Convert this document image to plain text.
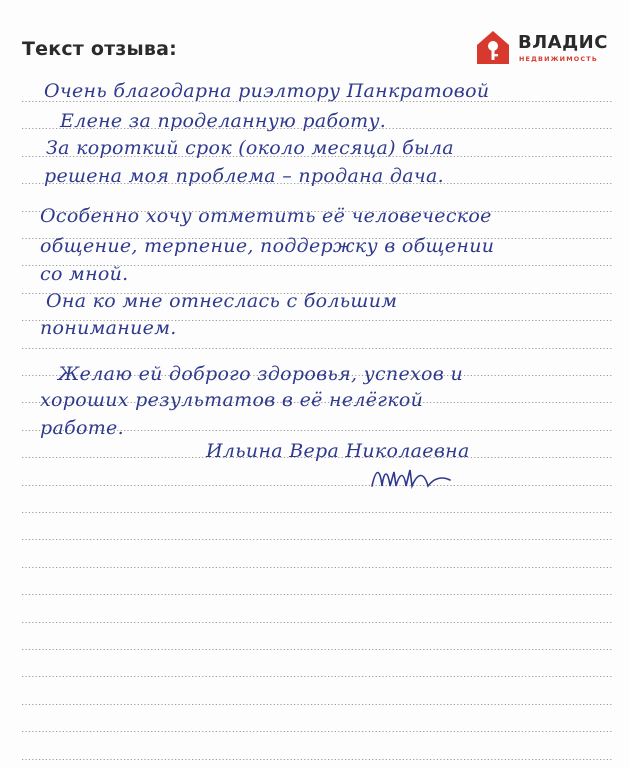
Текст отзыва:	ВЛАДИС
НЕДВИЖИМОСТЬ
Очень благодарна риэлтору Панкратовой
Елене за проделанную работу.
За короткий срок (около месяца) была
решена моя проблема – продана дача.
Особенно хочу отметить её человеческое
общение, терпение, поддержку в общении
со мной.
Она ко мне отнеслась с большим
пониманием.
Желаю ей доброго здоровья, успехов и
хороших результатов в её нелёгкой
работе.
Ильина Вера Николаевна
